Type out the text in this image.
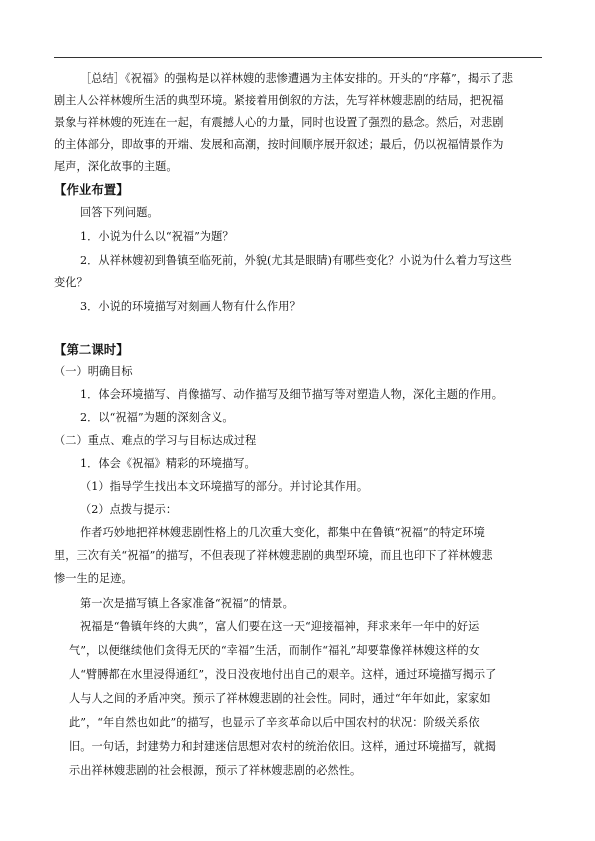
［总结］《祝福》的强构是以祥林嫂的悲惨遭遇为主体安排的。开头的“序幕”，揭示了悲
剧主人公祥林嫂所生活的典型环境。紧接着用倒叙的方法，先写祥林嫂悲剧的结局，把祝福
景象与祥林嫂的死连在一起，有震撼人心的力量，同时也设置了强烈的悬念。然后，对悲剧
的主体部分，即故事的开端、发展和高潮，按时间顺序展开叙述；最后，仍以祝福情景作为
尾声，深化故事的主题。
【作业布置】
回答下列问题。
1．小说为什么以“祝福”为题？
2．从祥林嫂初到鲁镇至临死前，外貌(尤其是眼睛)有哪些变化？小说为什么着力写这些
变化？
3．小说的环境描写对刻画人物有什么作用？
【第二课时】
（一）明确目标
1．体会环境描写、肖像描写、动作描写及细节描写等对塑造人物，深化主题的作用。
2．以“祝福”为题的深刻含义。
（二）重点、难点的学习与目标达成过程
1．体会《祝福》精彩的环境描写。
（1）指导学生找出本文环境描写的部分。并讨论其作用。
（2）点拨与提示：
作者巧妙地把祥林嫂悲剧性格上的几次重大变化，都集中在鲁镇“祝福”的特定环境
里，三次有关“祝福”的描写，不但表现了祥林嫂悲剧的典型环境，而且也印下了祥林嫂悲
惨一生的足迹。
第一次是描写镇上各家准备“祝福”的情景。
祝福是“鲁镇年终的大典”，富人们要在这一天“迎接福神，拜求来年一年中的好运
气”，以便继续他们贪得无厌的“幸福”生活，而制作“福礼”却要靠像祥林嫂这样的女
人“臂膊都在水里浸得通红”，没日没夜地付出自己的艰辛。这样，通过环境描写揭示了
人与人之间的矛盾冲突。预示了祥林嫂悲剧的社会性。同时，通过“年年如此，家家如
此”，“年自然也如此”的描写，也显示了辛亥革命以后中国农村的状况：阶级关系依
旧。一句话，封建势力和封建迷信思想对农村的统治依旧。这样，通过环境描写，就揭
示出祥林嫂悲剧的社会根源，预示了祥林嫂悲剧的必然性。
